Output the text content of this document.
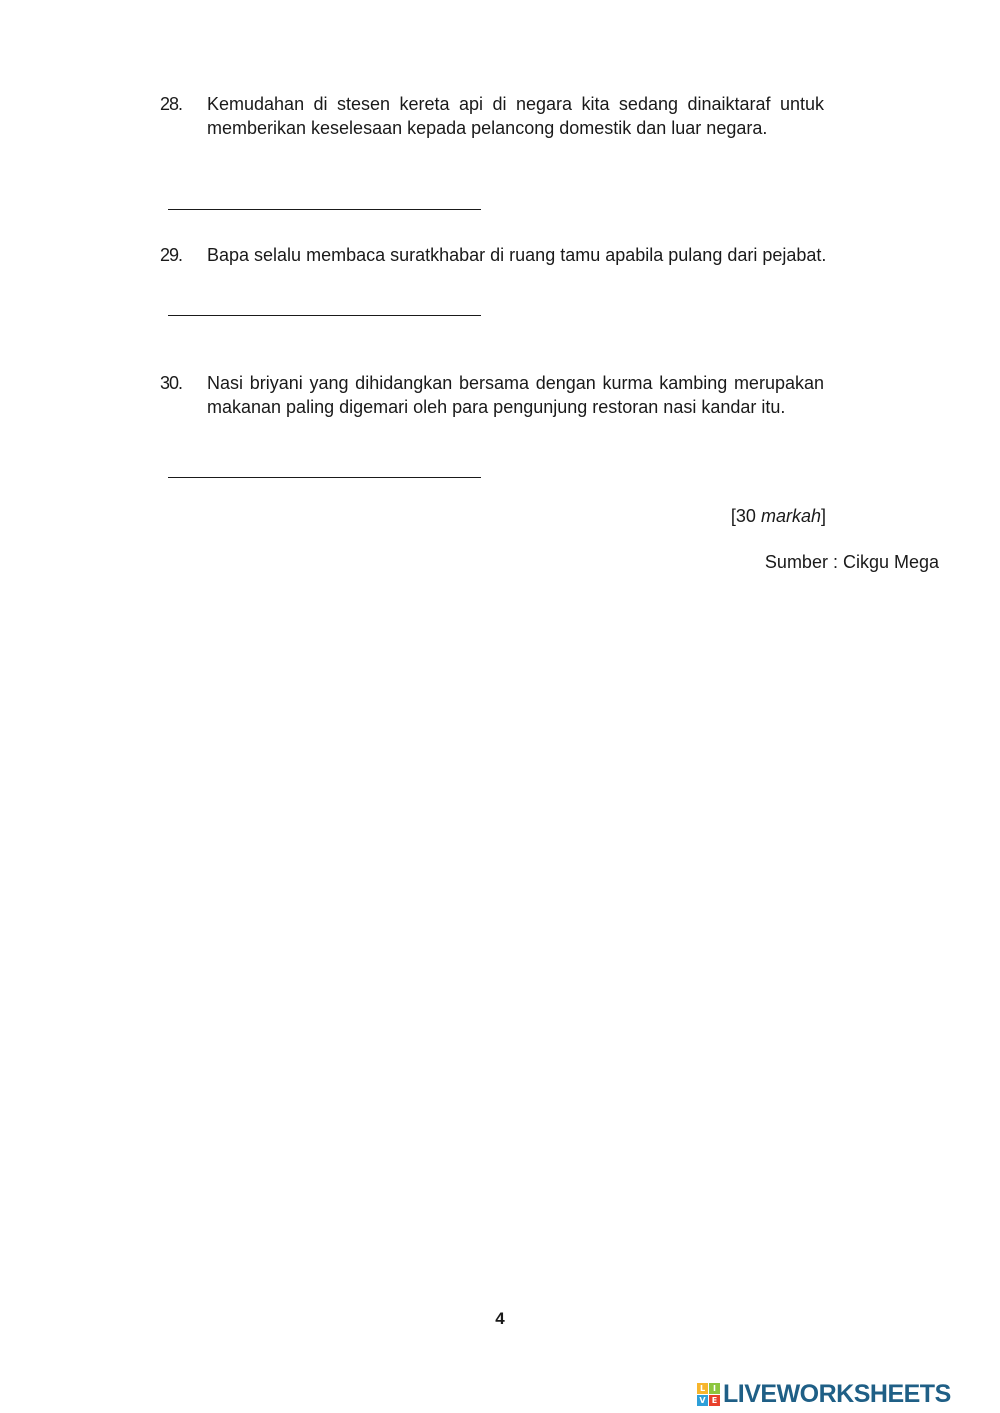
28. Kemudahan di stesen kereta api di negara kita sedang dinaiktaraf untuk memberikan keselesaan kepada pelancong domestik dan luar negara.
29. Bapa selalu membaca suratkhabar di ruang tamu apabila pulang dari pejabat.
30. Nasi briyani yang dihidangkan bersama dengan kurma kambing merupakan makanan paling digemari oleh para pengunjung restoran nasi kandar itu.
[30 markah]
Sumber : Cikgu Mega
4
L I
V E LIVEWORKSHEETS
